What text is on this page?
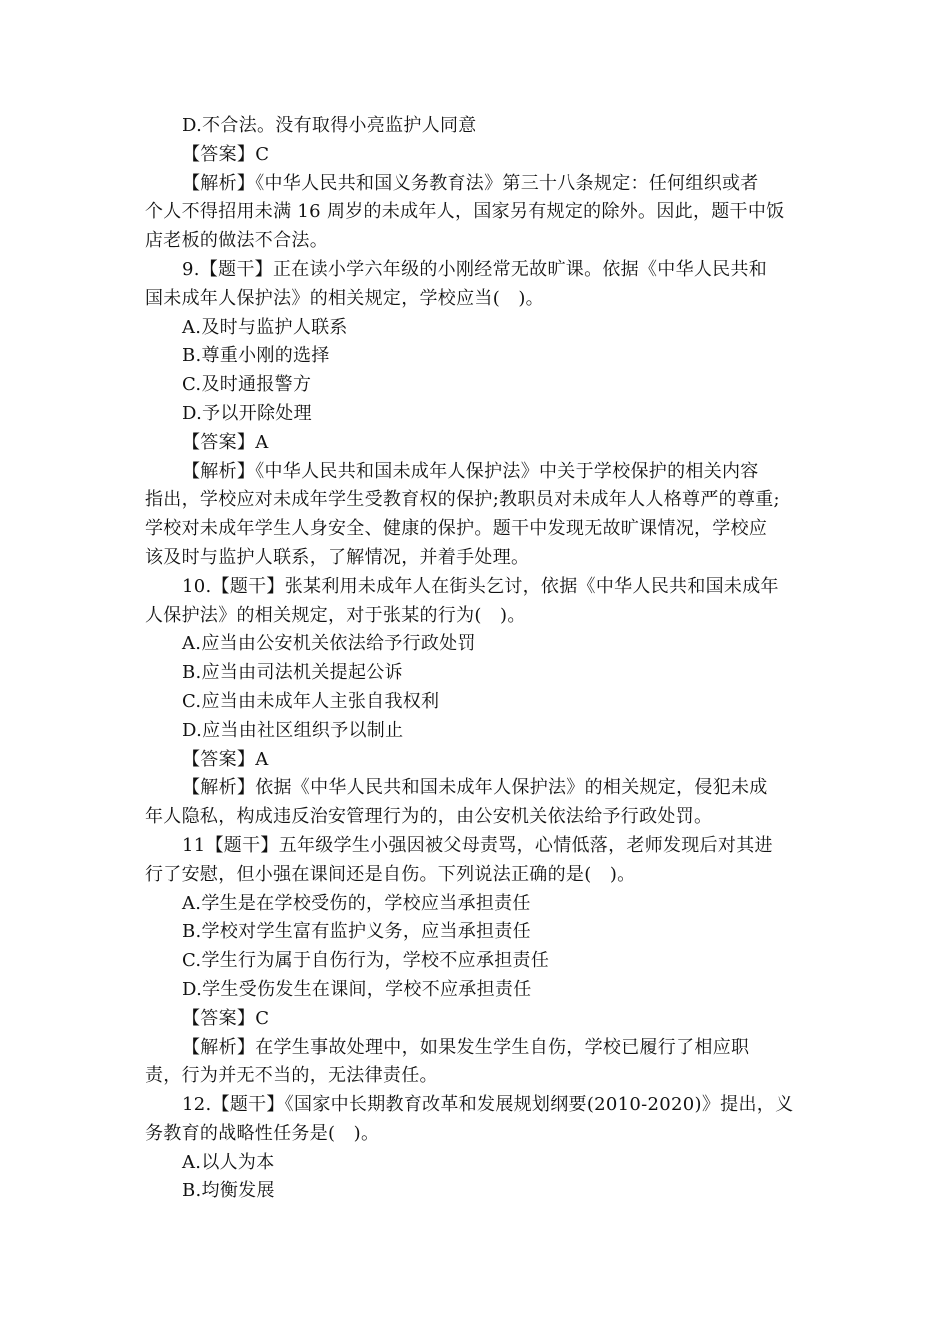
D.不合法。没有取得小亮监护人同意
【答案】C
【解析】《中华人民共和国义务教育法》第三十八条规定：任何组织或者
个人不得招用未满 16 周岁的未成年人，国家另有规定的除外。因此，题干中饭
店老板的做法不合法。
9.【题干】正在读小学六年级的小刚经常无故旷课。依据《中华人民共和
国未成年人保护法》的相关规定，学校应当(　)。
A.及时与监护人联系
B.尊重小刚的选择
C.及时通报警方
D.予以开除处理
【答案】A
【解析】《中华人民共和国未成年人保护法》中关于学校保护的相关内容
指出，学校应对未成年学生受教育权的保护;教职员对未成年人人格尊严的尊重;
学校对未成年学生人身安全、健康的保护。题干中发现无故旷课情况，学校应
该及时与监护人联系，了解情况，并着手处理。
10.【题干】张某利用未成年人在街头乞讨，依据《中华人民共和国未成年
人保护法》的相关规定，对于张某的行为(　)。
A.应当由公安机关依法给予行政处罚
B.应当由司法机关提起公诉
C.应当由未成年人主张自我权利
D.应当由社区组织予以制止
【答案】A
【解析】依据《中华人民共和国未成年人保护法》的相关规定，侵犯未成
年人隐私，构成违反治安管理行为的，由公安机关依法给予行政处罚。
11【题干】五年级学生小强因被父母责骂，心情低落，老师发现后对其进
行了安慰，但小强在课间还是自伤。下列说法正确的是(　)。
A.学生是在学校受伤的，学校应当承担责任
B.学校对学生富有监护义务，应当承担责任
C.学生行为属于自伤行为，学校不应承担责任
D.学生受伤发生在课间，学校不应承担责任
【答案】C
【解析】在学生事故处理中，如果发生学生自伤，学校已履行了相应职
责，行为并无不当的，无法律责任。
12.【题干】《国家中长期教育改革和发展规划纲要(2010-2020)》提出，义
务教育的战略性任务是(　)。
A.以人为本
B.均衡发展
